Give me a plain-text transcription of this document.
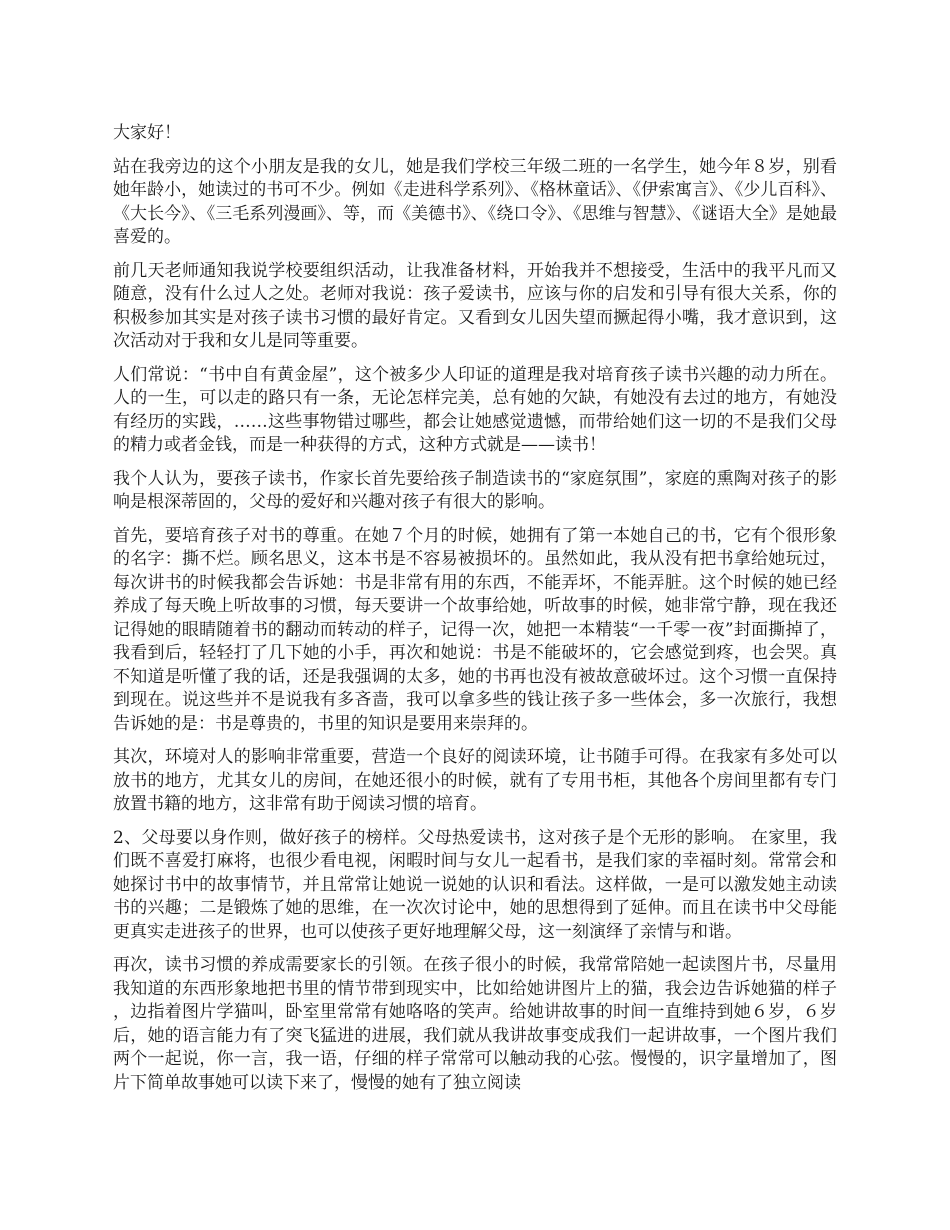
大家好！

站在我旁边的这个小朋友是我的女儿，她是我们学校三年级二班的一名学生，她今年８岁，别看她年龄小，她读过的书可不少。例如《走进科学系列》、《格林童话》、《伊索寓言》、《少儿百科》、《大长今》、《三毛系列漫画》、等，而《美德书》、《绕口令》、《思维与智慧》、《谜语大全》是她最喜爱的。

前几天老师通知我说学校要组织活动，让我准备材料，开始我并不想接受，生活中的我平凡而又随意，没有什么过人之处。老师对我说：孩子爱读书，应该与你的启发和引导有很大关系，你的积极参加其实是对孩子读书习惯的最好肯定。又看到女儿因失望而撅起得小嘴，我才意识到，这次活动对于我和女儿是同等重要。

人们常说：“书中自有黄金屋”，这个被多少人印证的道理是我对培育孩子读书兴趣的动力所在。人的一生，可以走的路只有一条，无论怎样完美，总有她的欠缺，有她没有去过的地方，有她没有经历的实践，……这些事物错过哪些，都会让她感觉遗憾，而带给她们这一切的不是我们父母的精力或者金钱，而是一种获得的方式，这种方式就是——读书！

我个人认为，要孩子读书，作家长首先要给孩子制造读书的“家庭氛围”，家庭的熏陶对孩子的影响是根深蒂固的，父母的爱好和兴趣对孩子有很大的影响。

首先，要培育孩子对书的尊重。在她７个月的时候，她拥有了第一本她自己的书，它有个很形象的名字：撕不烂。顾名思义，这本书是不容易被损坏的。虽然如此，我从没有把书拿给她玩过，每次讲书的时候我都会告诉她：书是非常有用的东西，不能弄坏，不能弄脏。这个时候的她已经养成了每天晚上听故事的习惯，每天要讲一个故事给她，听故事的时候，她非常宁静，现在我还记得她的眼睛随着书的翻动而转动的样子，记得一次，她把一本精装“一千零一夜”封面撕掉了，我看到后，轻轻打了几下她的小手，再次和她说：书是不能破坏的，它会感觉到疼，也会哭。真不知道是听懂了我的话，还是我强调的太多，她的书再也没有被故意破坏过。这个习惯一直保持到现在。说这些并不是说我有多吝啬，我可以拿多些的钱让孩子多一些体会，多一次旅行，我想告诉她的是：书是尊贵的，书里的知识是要用来崇拜的。

其次，环境对人的影响非常重要，营造一个良好的阅读环境，让书随手可得。在我家有多处可以放书的地方，尤其女儿的房间，在她还很小的时候，就有了专用书柜，其他各个房间里都有专门放置书籍的地方，这非常有助于阅读习惯的培育。

2、父母要以身作则，做好孩子的榜样。父母热爱读书，这对孩子是个无形的影响。 在家里，我们既不喜爱打麻将，也很少看电视，闲暇时间与女儿一起看书，是我们家的幸福时刻。常常会和她探讨书中的故事情节，并且常常让她说一说她的认识和看法。这样做，一是可以激发她主动读书的兴趣；二是锻炼了她的思维，在一次次讨论中，她的思想得到了延伸。而且在读书中父母能更真实走进孩子的世界，也可以使孩子更好地理解父母，这一刻演绎了亲情与和谐。

再次，读书习惯的养成需要家长的引领。在孩子很小的时候，我常常陪她一起读图片书，尽量用我知道的东西形象地把书里的情节带到现实中，比如给她讲图片上的猫，我会边告诉她猫的样子，边指着图片学猫叫，卧室里常常有她咯咯的笑声。给她讲故事的时间一直维持到她６岁，６岁后，她的语言能力有了突飞猛进的进展，我们就从我讲故事变成我们一起讲故事，一个图片我们两个一起说，你一言，我一语，仔细的样子常常可以触动我的心弦。慢慢的，识字量增加了，图片下简单故事她可以读下来了，慢慢的她有了独立阅读
